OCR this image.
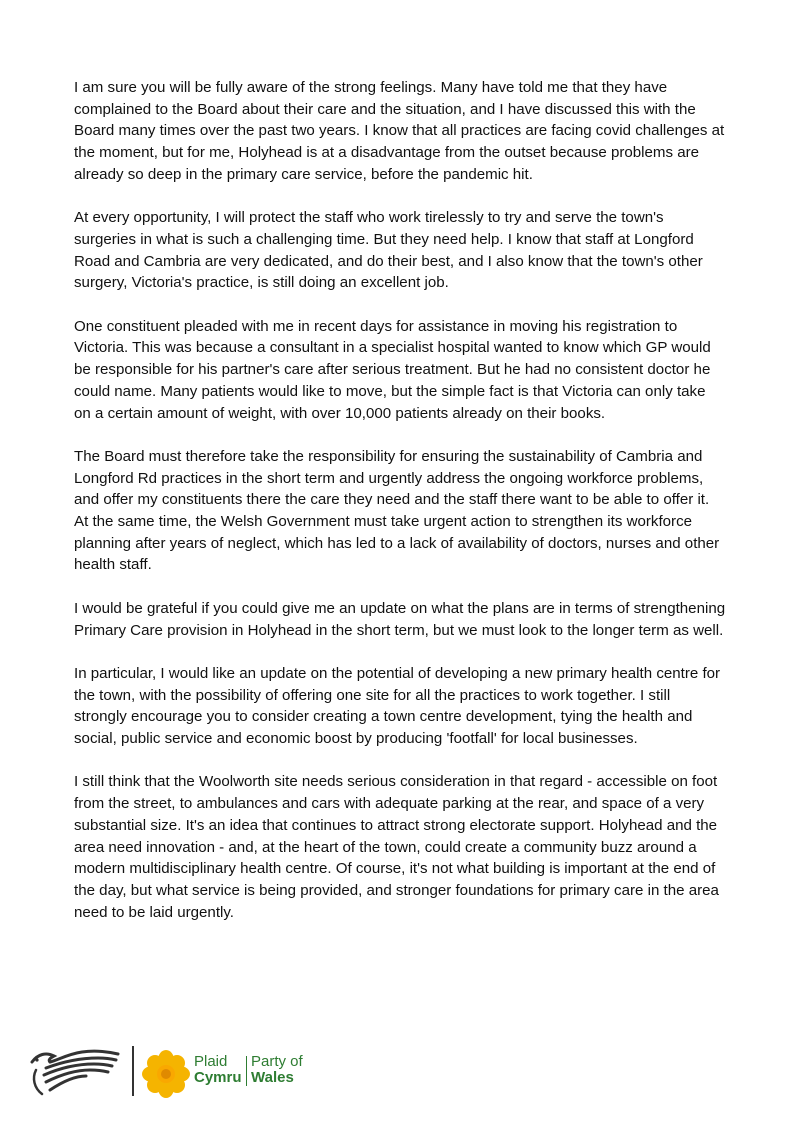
I am sure you will be fully aware of the strong feelings. Many have told me that they have complained to the Board about their care and the situation, and I have discussed this with the Board many times over the past two years. I know that all practices are facing covid challenges at the moment, but for me, Holyhead is at a disadvantage from the outset because problems are already so deep in the primary care service, before the pandemic hit.

At every opportunity, I will protect the staff who work tirelessly to try and serve the town's surgeries in what is such a challenging time. But they need help. I know that staff at Longford Road and Cambria are very dedicated, and do their best, and I also know that the town's other surgery, Victoria's practice, is still doing an excellent job.

One constituent pleaded with me in recent days for assistance in moving his registration to Victoria. This was because a consultant in a specialist hospital wanted to know which GP would be responsible for his partner's care after serious treatment. But he had no consistent doctor he could name. Many patients would like to move, but the simple fact is that Victoria can only take on a certain amount of weight, with over 10,000 patients already on their books.

The Board must therefore take the responsibility for ensuring the sustainability of Cambria and Longford Rd practices in the short term and urgently address the ongoing workforce problems, and offer my constituents there the care they need and the staff there want to be able to offer it. At the same time, the Welsh Government must take urgent action to strengthen its workforce planning after years of neglect, which has led to a lack of availability of doctors, nurses and other health staff.

I would be grateful if you could give me an update on what the plans are in terms of strengthening Primary Care provision in Holyhead in the short term, but we must look to the longer term as well.

In particular, I would like an update on the potential of developing a new primary health centre for the town, with the possibility of offering one site for all the practices to work together. I still strongly encourage you to consider creating a town centre development, tying the health and social, public service and economic boost by producing 'footfall' for local businesses.

I still think that the Woolworth site needs serious consideration in that regard - accessible on foot from the street, to ambulances and cars with adequate parking at the rear, and space of a very substantial size. It's an idea that continues to attract strong electorate support. Holyhead and the area need innovation - and, at the heart of the town, could create a community buzz around a modern multidisciplinary health centre. Of course, it's not what building is important at the end of the day, but what service is being provided, and stronger foundations for primary care in the area need to be laid urgently.

Plaid
Cymru
Party of
Wales
